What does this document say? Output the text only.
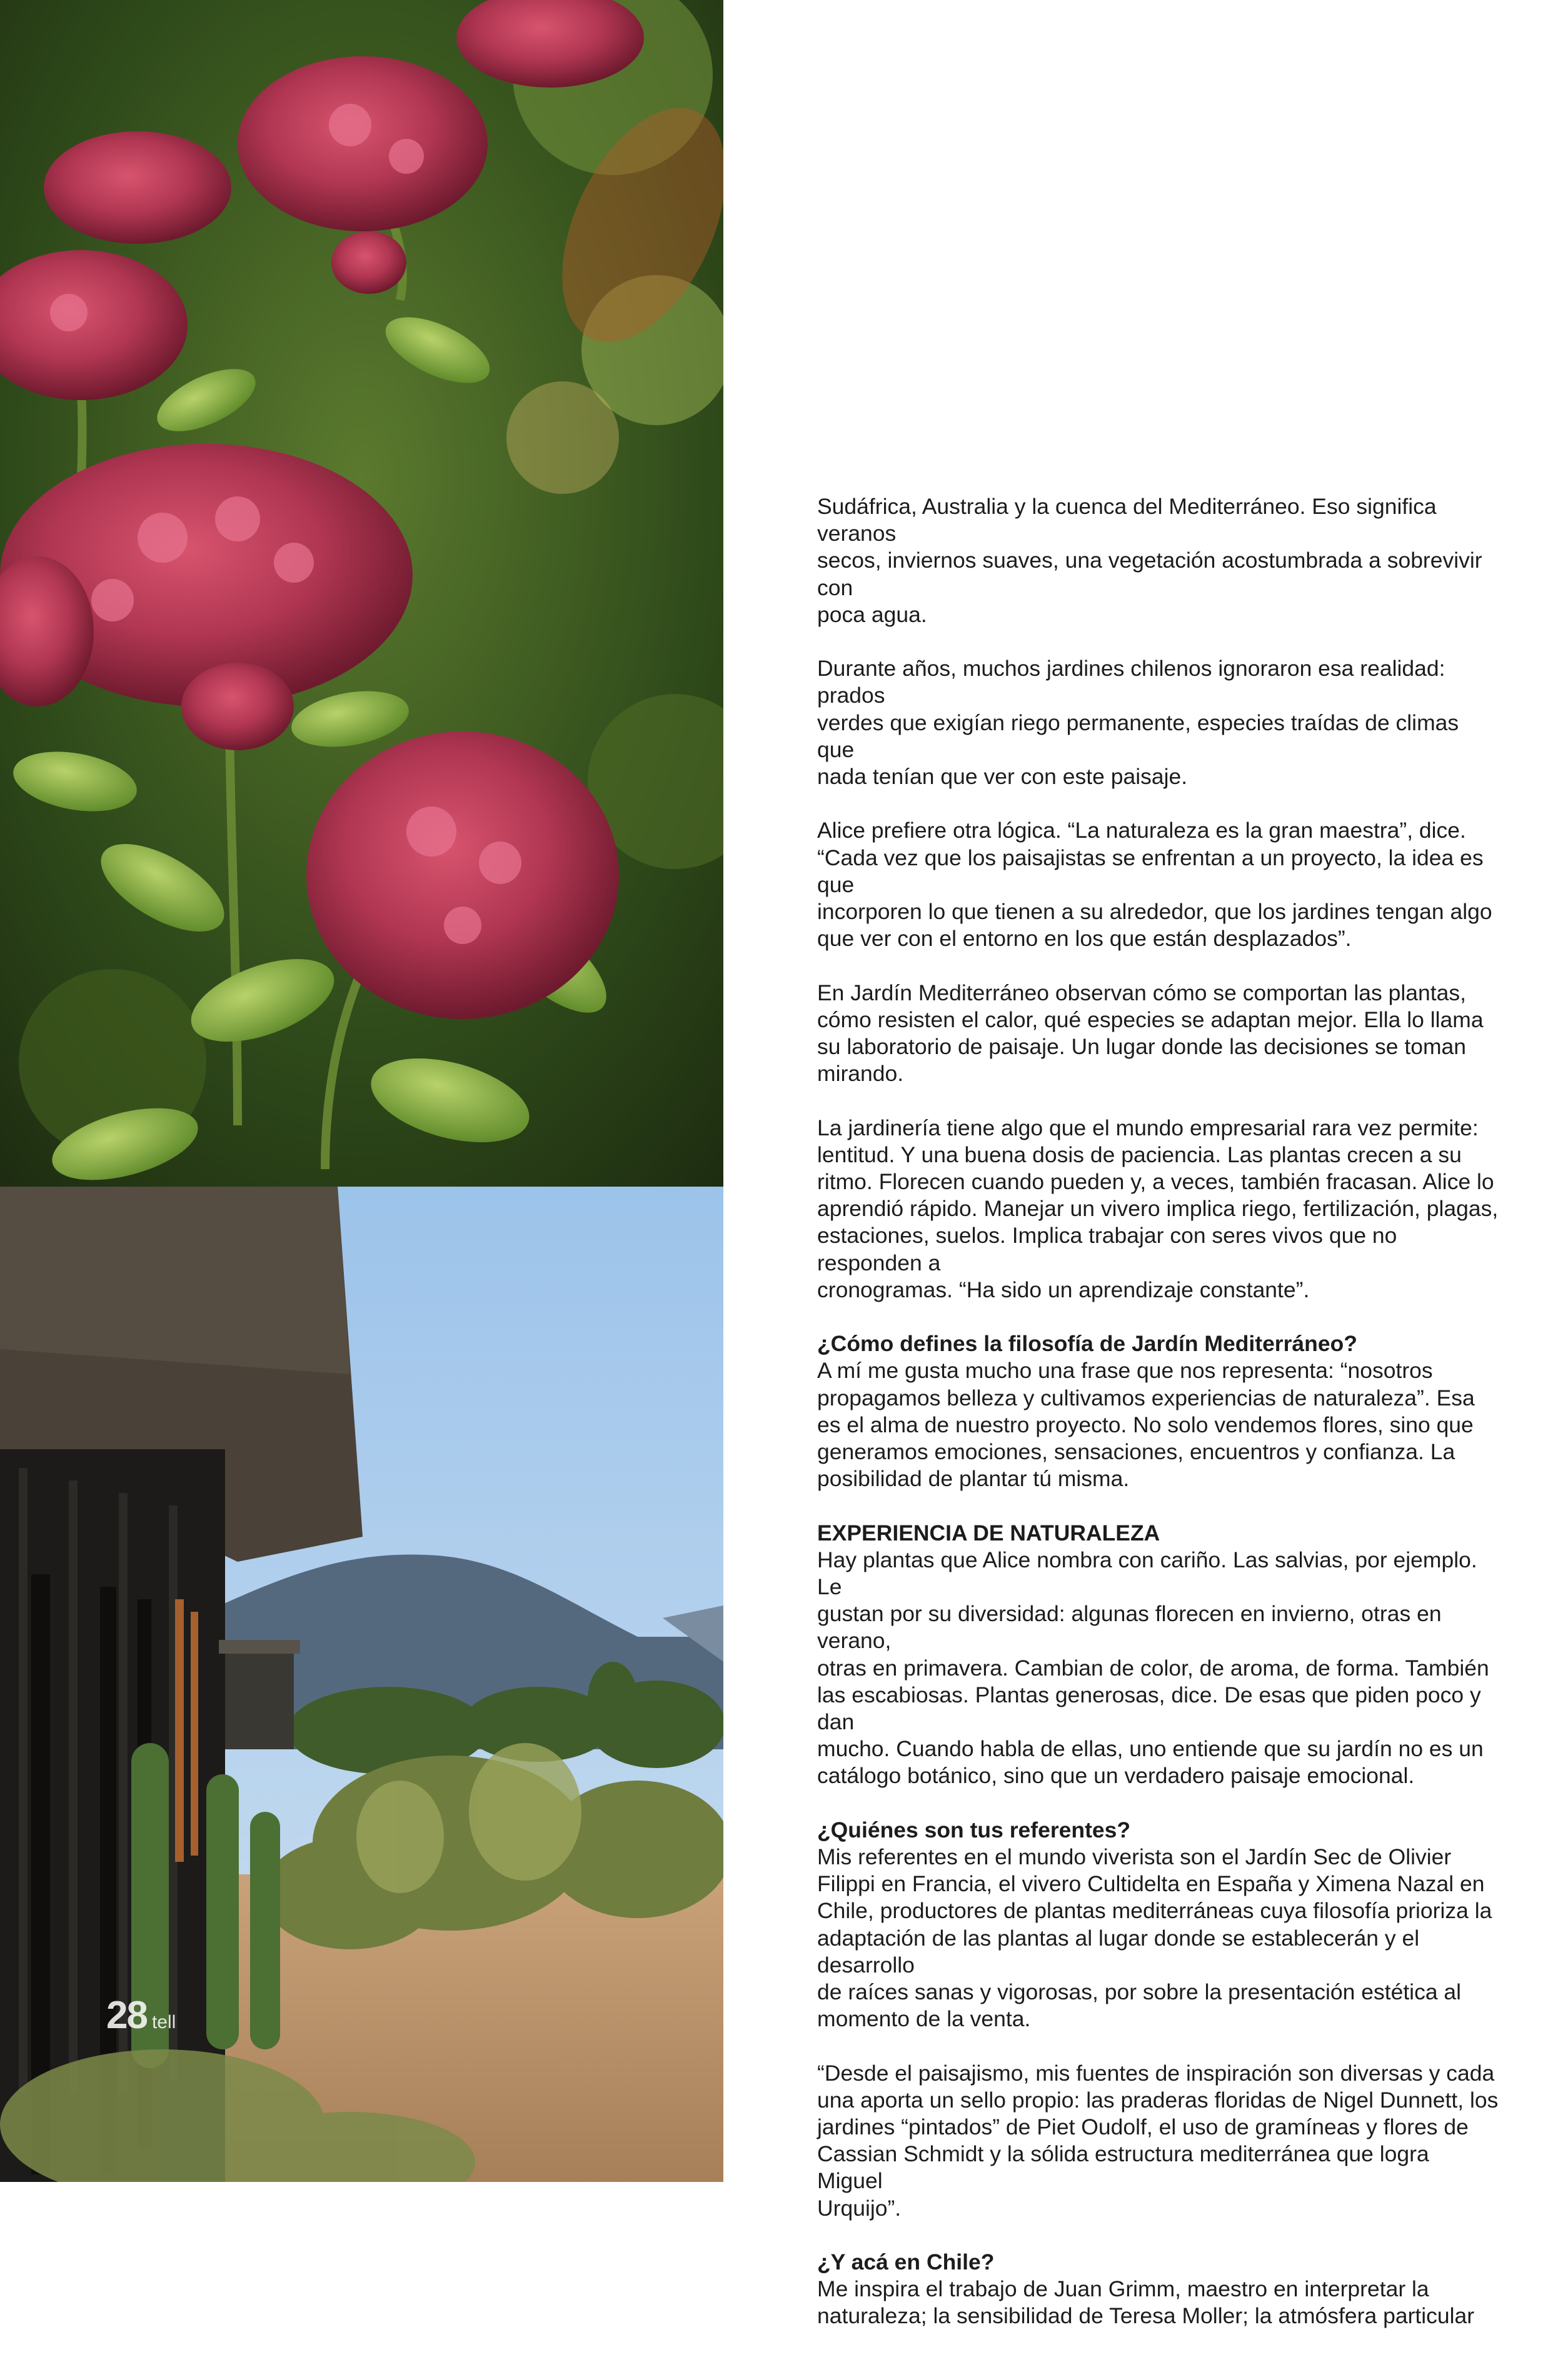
28 tell

Sudáfrica, Australia y la cuenca del Mediterráneo. Eso significa veranos
secos, inviernos suaves, una vegetación acostumbrada a sobrevivir con
poca agua.

Durante años, muchos jardines chilenos ignoraron esa realidad: prados
verdes que exigían riego permanente, especies traídas de climas que
nada tenían que ver con este paisaje.

Alice prefiere otra lógica. “La naturaleza es la gran maestra”, dice.
“Cada vez que los paisajistas se enfrentan a un proyecto, la idea es que
incorporen lo que tienen a su alrededor, que los jardines tengan algo
que ver con el entorno en los que están desplazados”.

En Jardín Mediterráneo observan cómo se comportan las plantas,
cómo resisten el calor, qué especies se adaptan mejor. Ella lo llama
su laboratorio de paisaje. Un lugar donde las decisiones se toman
mirando.

La jardinería tiene algo que el mundo empresarial rara vez permite:
lentitud. Y una buena dosis de paciencia. Las plantas crecen a su
ritmo. Florecen cuando pueden y, a veces, también fracasan. Alice lo
aprendió rápido. Manejar un vivero implica riego, fertilización, plagas,
estaciones, suelos. Implica trabajar con seres vivos que no responden a
cronogramas. “Ha sido un aprendizaje constante”.

¿Cómo defines la filosofía de Jardín Mediterráneo?

A mí me gusta mucho una frase que nos representa: “nosotros
propagamos belleza y cultivamos experiencias de naturaleza”. Esa
es el alma de nuestro proyecto. No solo vendemos flores, sino que
generamos emociones, sensaciones, encuentros y confianza. La
posibilidad de plantar tú misma.

EXPERIENCIA DE NATURALEZA

Hay plantas que Alice nombra con cariño. Las salvias, por ejemplo. Le
gustan por su diversidad: algunas florecen en invierno, otras en verano,
otras en primavera. Cambian de color, de aroma, de forma. También
las escabiosas. Plantas generosas, dice. De esas que piden poco y dan
mucho. Cuando habla de ellas, uno entiende que su jardín no es un
catálogo botánico, sino que un verdadero paisaje emocional.

¿Quiénes son tus referentes?

Mis referentes en el mundo viverista son el Jardín Sec de Olivier
Filippi en Francia, el vivero Cultidelta en España y Ximena Nazal en
Chile, productores de plantas mediterráneas cuya filosofía prioriza la
adaptación de las plantas al lugar donde se establecerán y el desarrollo
de raíces sanas y vigorosas, por sobre la presentación estética al
momento de la venta.

“Desde el paisajismo, mis fuentes de inspiración son diversas y cada
una aporta un sello propio: las praderas floridas de Nigel Dunnett, los
jardines “pintados” de Piet Oudolf, el uso de gramíneas y flores de
Cassian Schmidt y la sólida estructura mediterránea que logra Miguel
Urquijo”.

¿Y acá en Chile?

Me inspira el trabajo de Juan Grimm, maestro en interpretar la
naturaleza; la sensibilidad de Teresa Moller; la atmósfera particular
